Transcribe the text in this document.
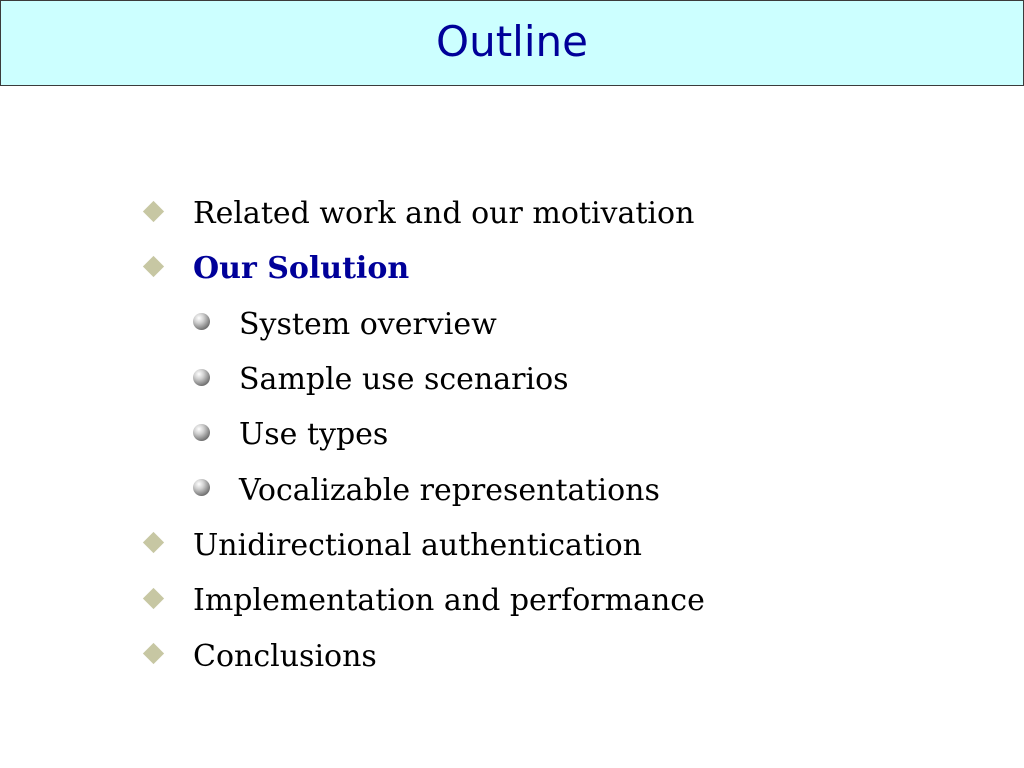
Outline
Related work and our motivation
Our Solution
System overview
Sample use scenarios
Use types
Vocalizable representations
Unidirectional authentication
Implementation and performance
Conclusions
